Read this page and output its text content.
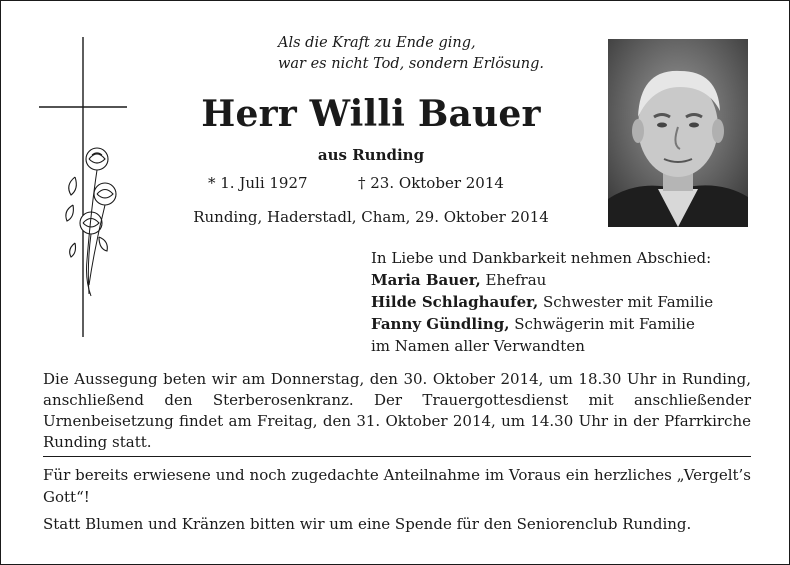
Als die Kraft zu Ende ging,
war es nicht Tod, sondern Erlösung.
Herr Willi Bauer
aus Runding
* 1. Juli 1927	† 23. Oktober 2014
Runding, Haderstadl, Cham, 29. Oktober 2014
In Liebe und Dankbarkeit nehmen Abschied:
Maria Bauer, Ehefrau
Hilde Schlaghaufer, Schwester mit Familie
Fanny Gündling, Schwägerin mit Familie
im Namen aller Verwandten
Die Aussegung beten wir am Donnerstag, den 30. Oktober 2014, um 18.30 Uhr in Runding, anschließend den Sterberosenkranz. Der Trauergottesdienst mit anschließender Urnenbeisetzung findet am Freitag, den 31. Oktober 2014, um 14.30 Uhr in der Pfarrkirche Runding statt.
Für bereits erwiesene und noch zugedachte Anteilnahme im Voraus ein herzliches „Vergelt’s Gott“!
Statt Blumen und Kränzen bitten wir um eine Spende für den Seniorenclub Runding.
